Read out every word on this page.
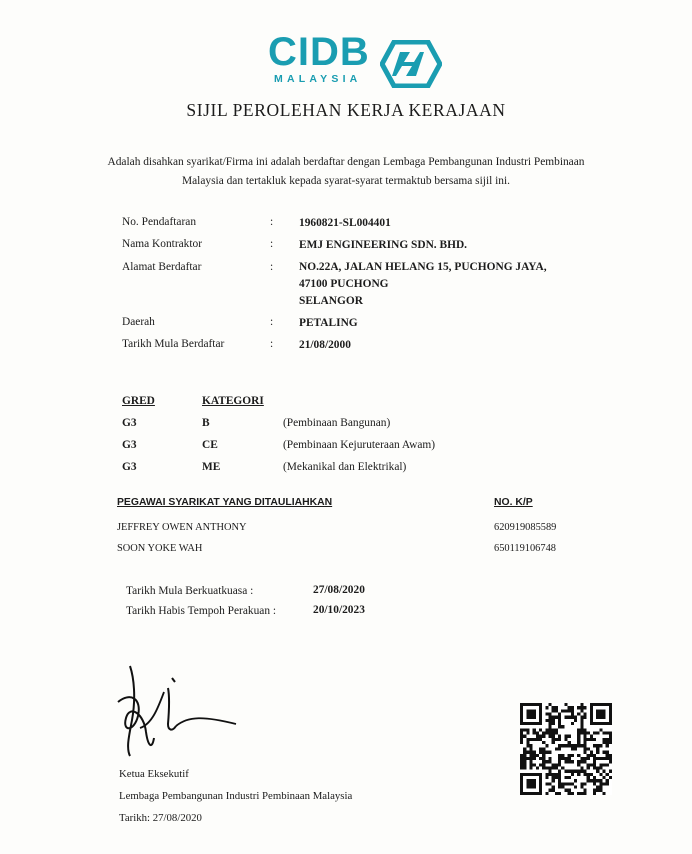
CIDB
MALAYSIA
SIJIL PEROLEHAN KERJA KERAJAAN
Adalah disahkan syarikat/Firma ini adalah berdaftar dengan Lembaga Pembangunan Industri Pembinaan
Malaysia dan tertakluk kepada syarat-syarat termaktub bersama sijil ini.
No. Pendaftaran	: 1960821-SL004401
Nama Kontraktor	: EMJ ENGINEERING SDN. BHD.
Alamat Berdaftar	: NO.22A, JALAN HELANG 15, PUCHONG JAYA,
47100 PUCHONG
SELANGOR
Daerah	: PETALING
Tarikh Mula Berdaftar	: 21/08/2000
GRED	KATEGORI
G3	B	(Pembinaan Bangunan)
G3	CE	(Pembinaan Kejuruteraan Awam)
G3	ME	(Mekanikal dan Elektrikal)
PEGAWAI SYARIKAT YANG DITAULIAHKAN	NO. K/P
JEFFREY OWEN ANTHONY	620919085589
SOON YOKE WAH	650119106748
Tarikh Mula Berkuatkuasa :	27/08/2020
Tarikh Habis Tempoh Perakuan :	20/10/2023
Ketua Eksekutif
Lembaga Pembangunan Industri Pembinaan Malaysia
Tarikh: 27/08/2020
